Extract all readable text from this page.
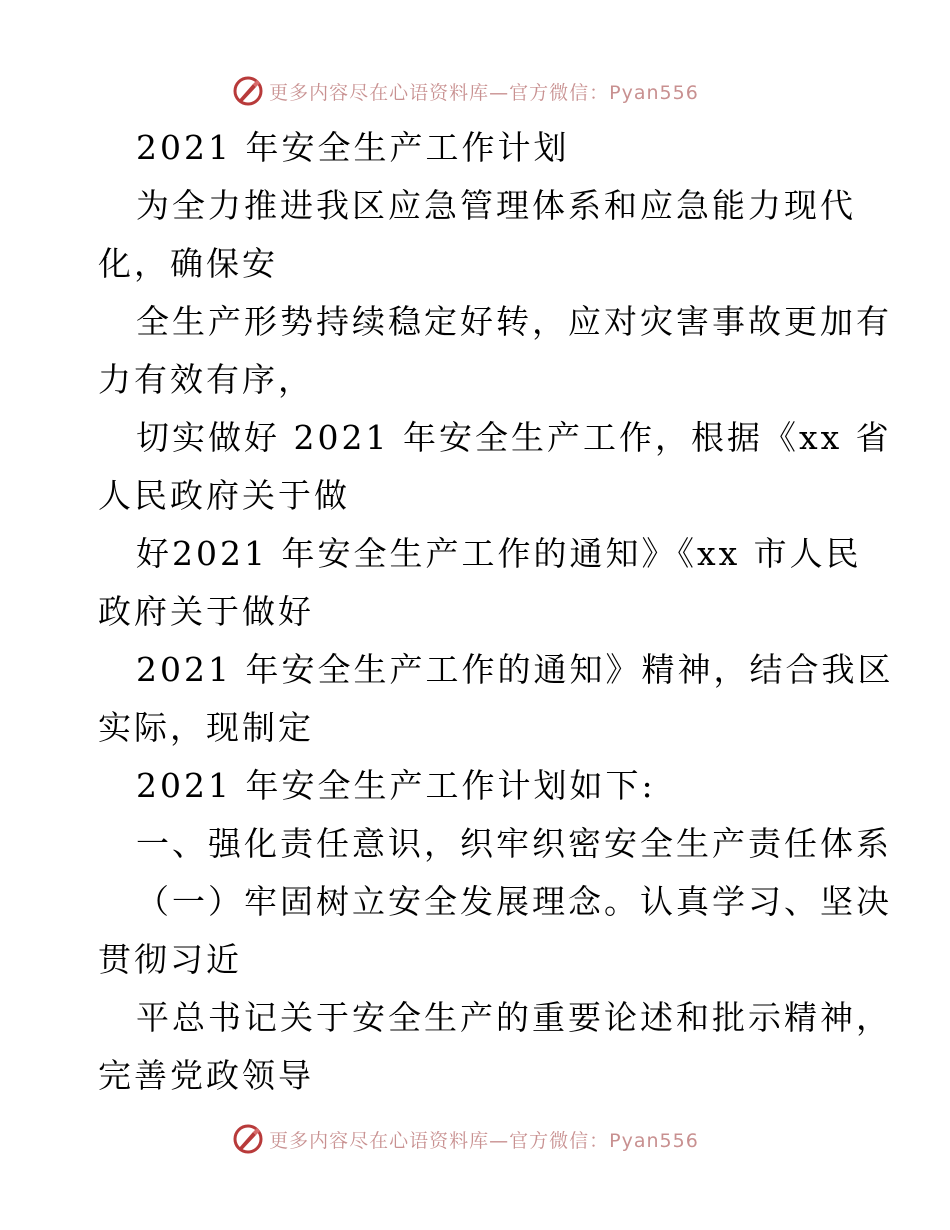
更多内容尽在心语资料库—官方微信：Pyan556
2021 年安全生产工作计划
为全力推进我区应急管理体系和应急能力现代
化，确保安
全生产形势持续稳定好转，应对灾害事故更加有
力有效有序，
切实做好 2021 年安全生产工作，根据《xx 省
人民政府关于做
好2021 年安全生产工作的通知》《xx 市人民
政府关于做好
2021 年安全生产工作的通知》精神，结合我区
实际，现制定
2021 年安全生产工作计划如下:
一、强化责任意识，织牢织密安全生产责任体系
（一）牢固树立安全发展理念。认真学习、坚决
贯彻习近
平总书记关于安全生产的重要论述和批示精神，
完善党政领导
更多内容尽在心语资料库—官方微信：Pyan556
